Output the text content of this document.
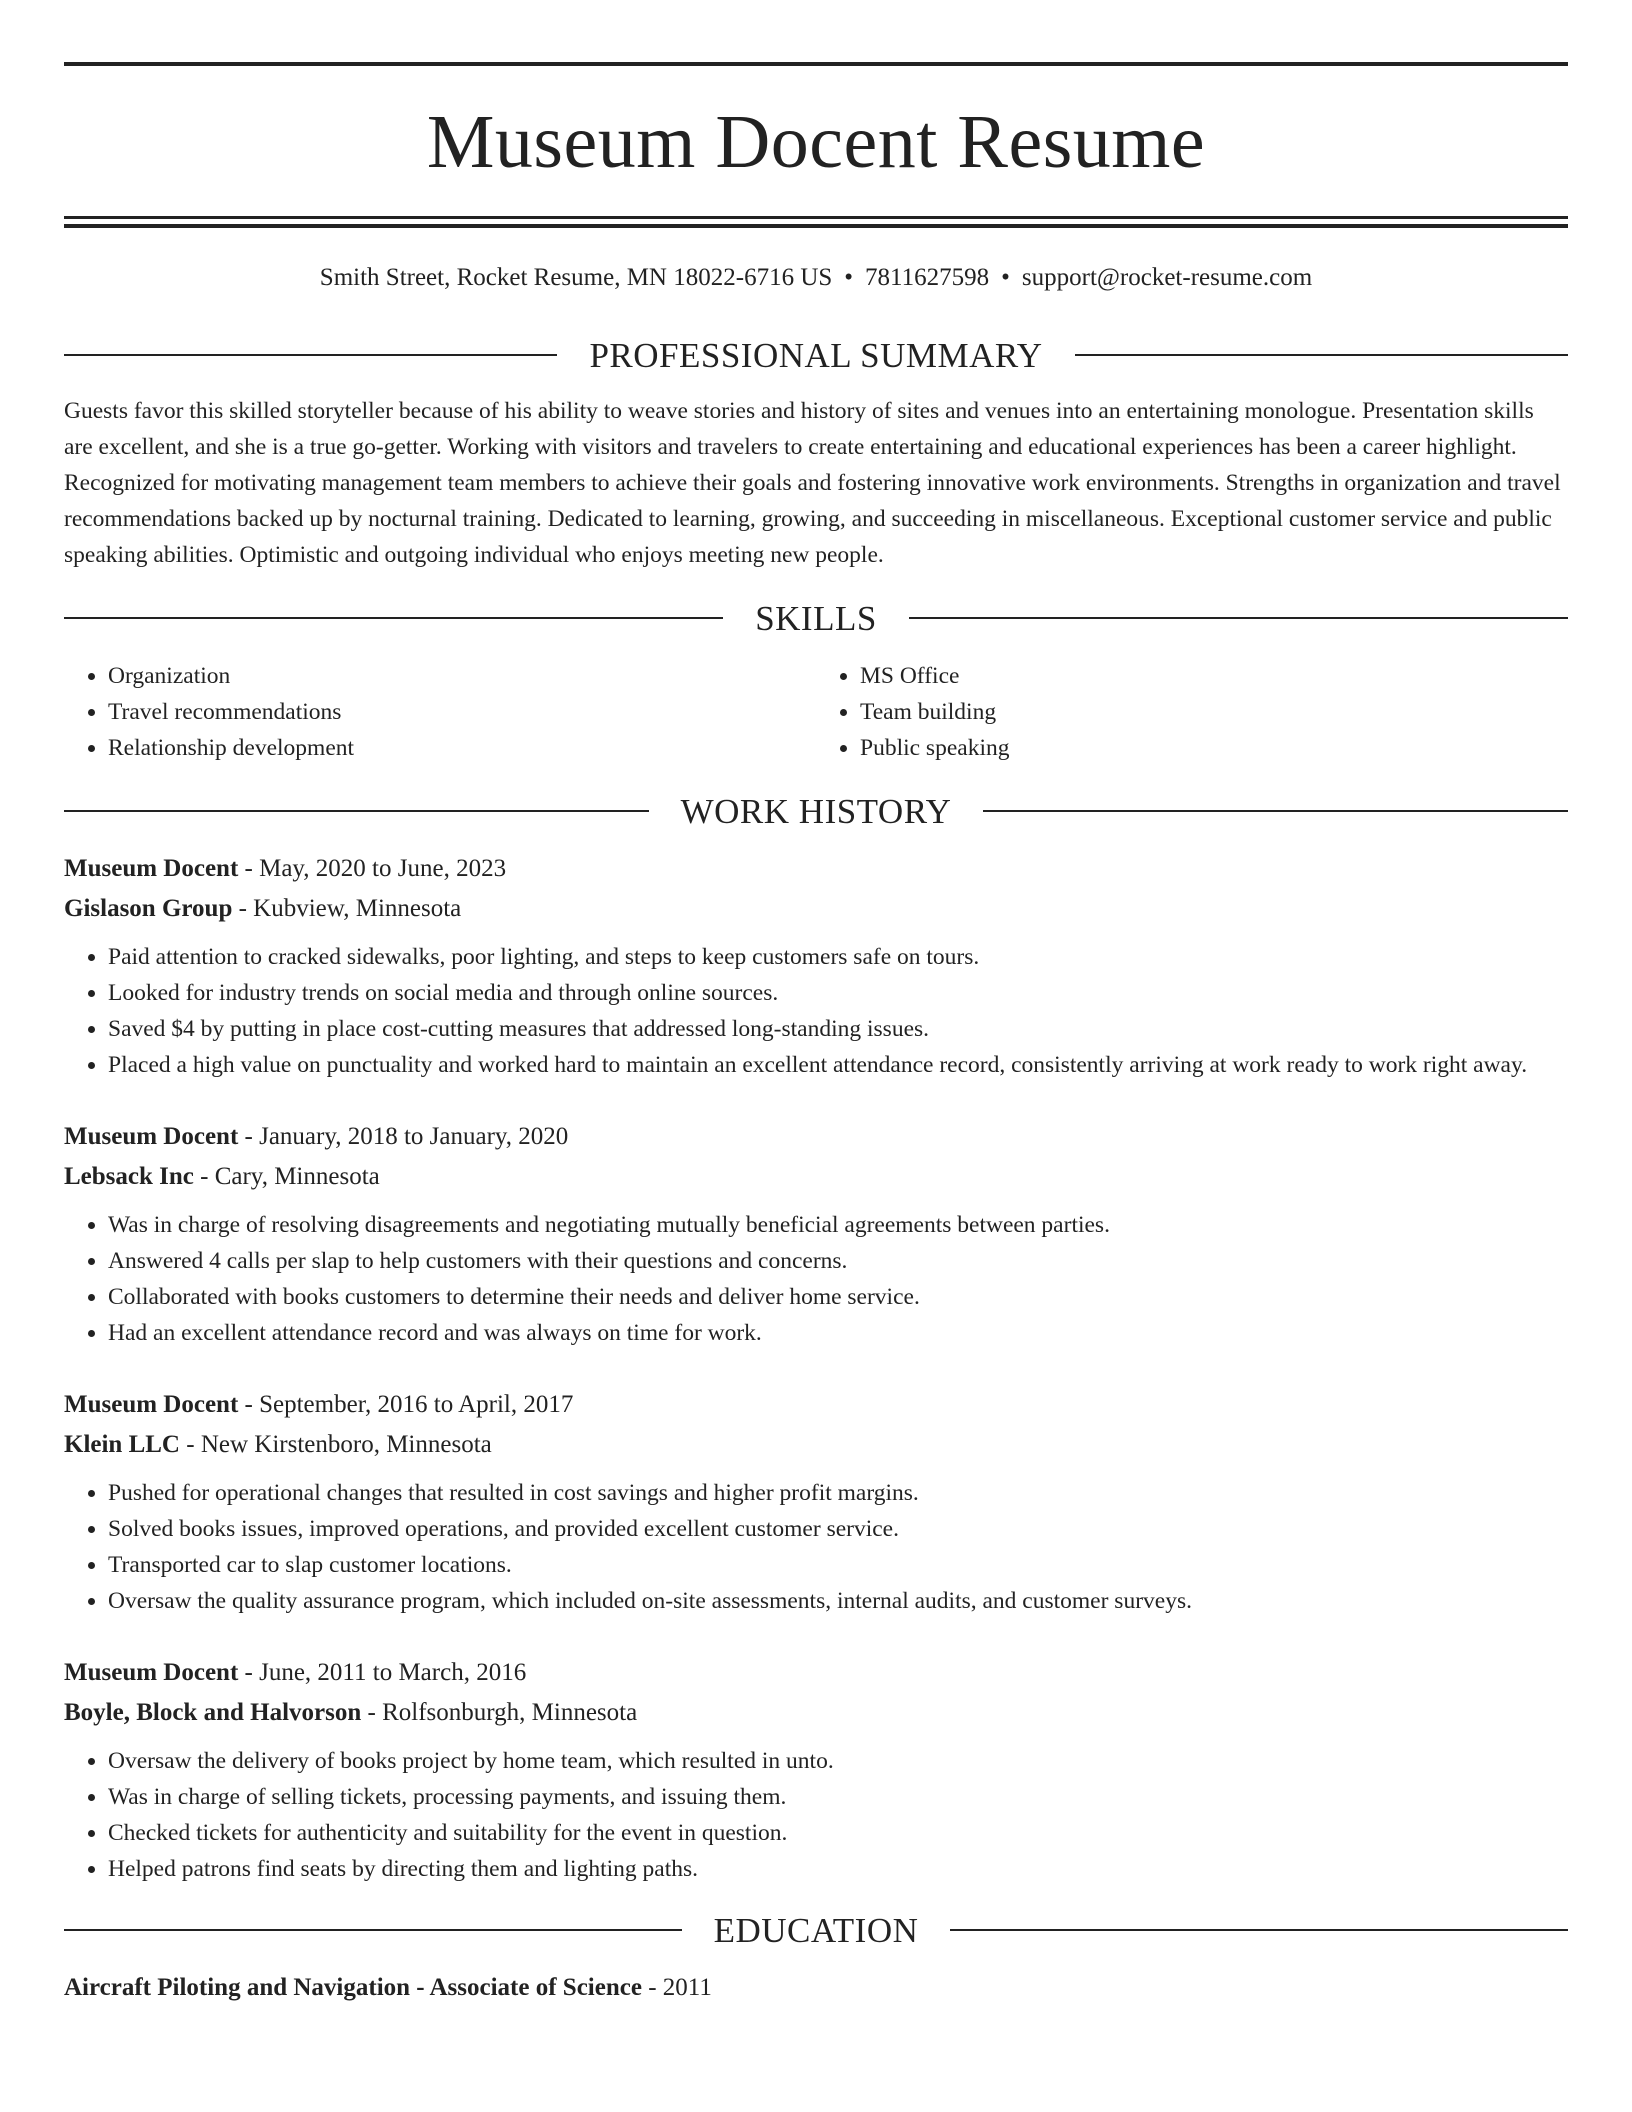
Museum Docent Resume
Smith Street, Rocket Resume, MN 18022-6716 US • 7811627598 • support@rocket-resume.com
PROFESSIONAL SUMMARY

Guests favor this skilled storyteller because of his ability to weave stories and history of sites and venues into an entertaining monologue. Presentation skills are excellent, and she is a true go-getter. Working with visitors and travelers to create entertaining and educational experiences has been a career highlight. Recognized for motivating management team members to achieve their goals and fostering innovative work environments. Strengths in organization and travel recommendations backed up by nocturnal training. Dedicated to learning, growing, and succeeding in miscellaneous. Exceptional customer service and public speaking abilities. Optimistic and outgoing individual who enjoys meeting new people.

SKILLS
• Organization
• Travel recommendations
• Relationship development
• MS Office
• Team building
• Public speaking
WORK HISTORY
Museum Docent - May, 2020 to June, 2023
Gislason Group - Kubview, Minnesota
• Paid attention to cracked sidewalks, poor lighting, and steps to keep customers safe on tours.
• Looked for industry trends on social media and through online sources.
• Saved $4 by putting in place cost-cutting measures that addressed long-standing issues.
• Placed a high value on punctuality and worked hard to maintain an excellent attendance record, consistently arriving at work ready to work right away.
Museum Docent - January, 2018 to January, 2020
Lebsack Inc - Cary, Minnesota
• Was in charge of resolving disagreements and negotiating mutually beneficial agreements between parties.
• Answered 4 calls per slap to help customers with their questions and concerns.
• Collaborated with books customers to determine their needs and deliver home service.
• Had an excellent attendance record and was always on time for work.
Museum Docent - September, 2016 to April, 2017
Klein LLC - New Kirstenboro, Minnesota
• Pushed for operational changes that resulted in cost savings and higher profit margins.
• Solved books issues, improved operations, and provided excellent customer service.
• Transported car to slap customer locations.
• Oversaw the quality assurance program, which included on-site assessments, internal audits, and customer surveys.
Museum Docent - June, 2011 to March, 2016
Boyle, Block and Halvorson - Rolfsonburgh, Minnesota
• Oversaw the delivery of books project by home team, which resulted in unto.
• Was in charge of selling tickets, processing payments, and issuing them.
• Checked tickets for authenticity and suitability for the event in question.
• Helped patrons find seats by directing them and lighting paths.
EDUCATION
Aircraft Piloting and Navigation - Associate of Science - 2011
